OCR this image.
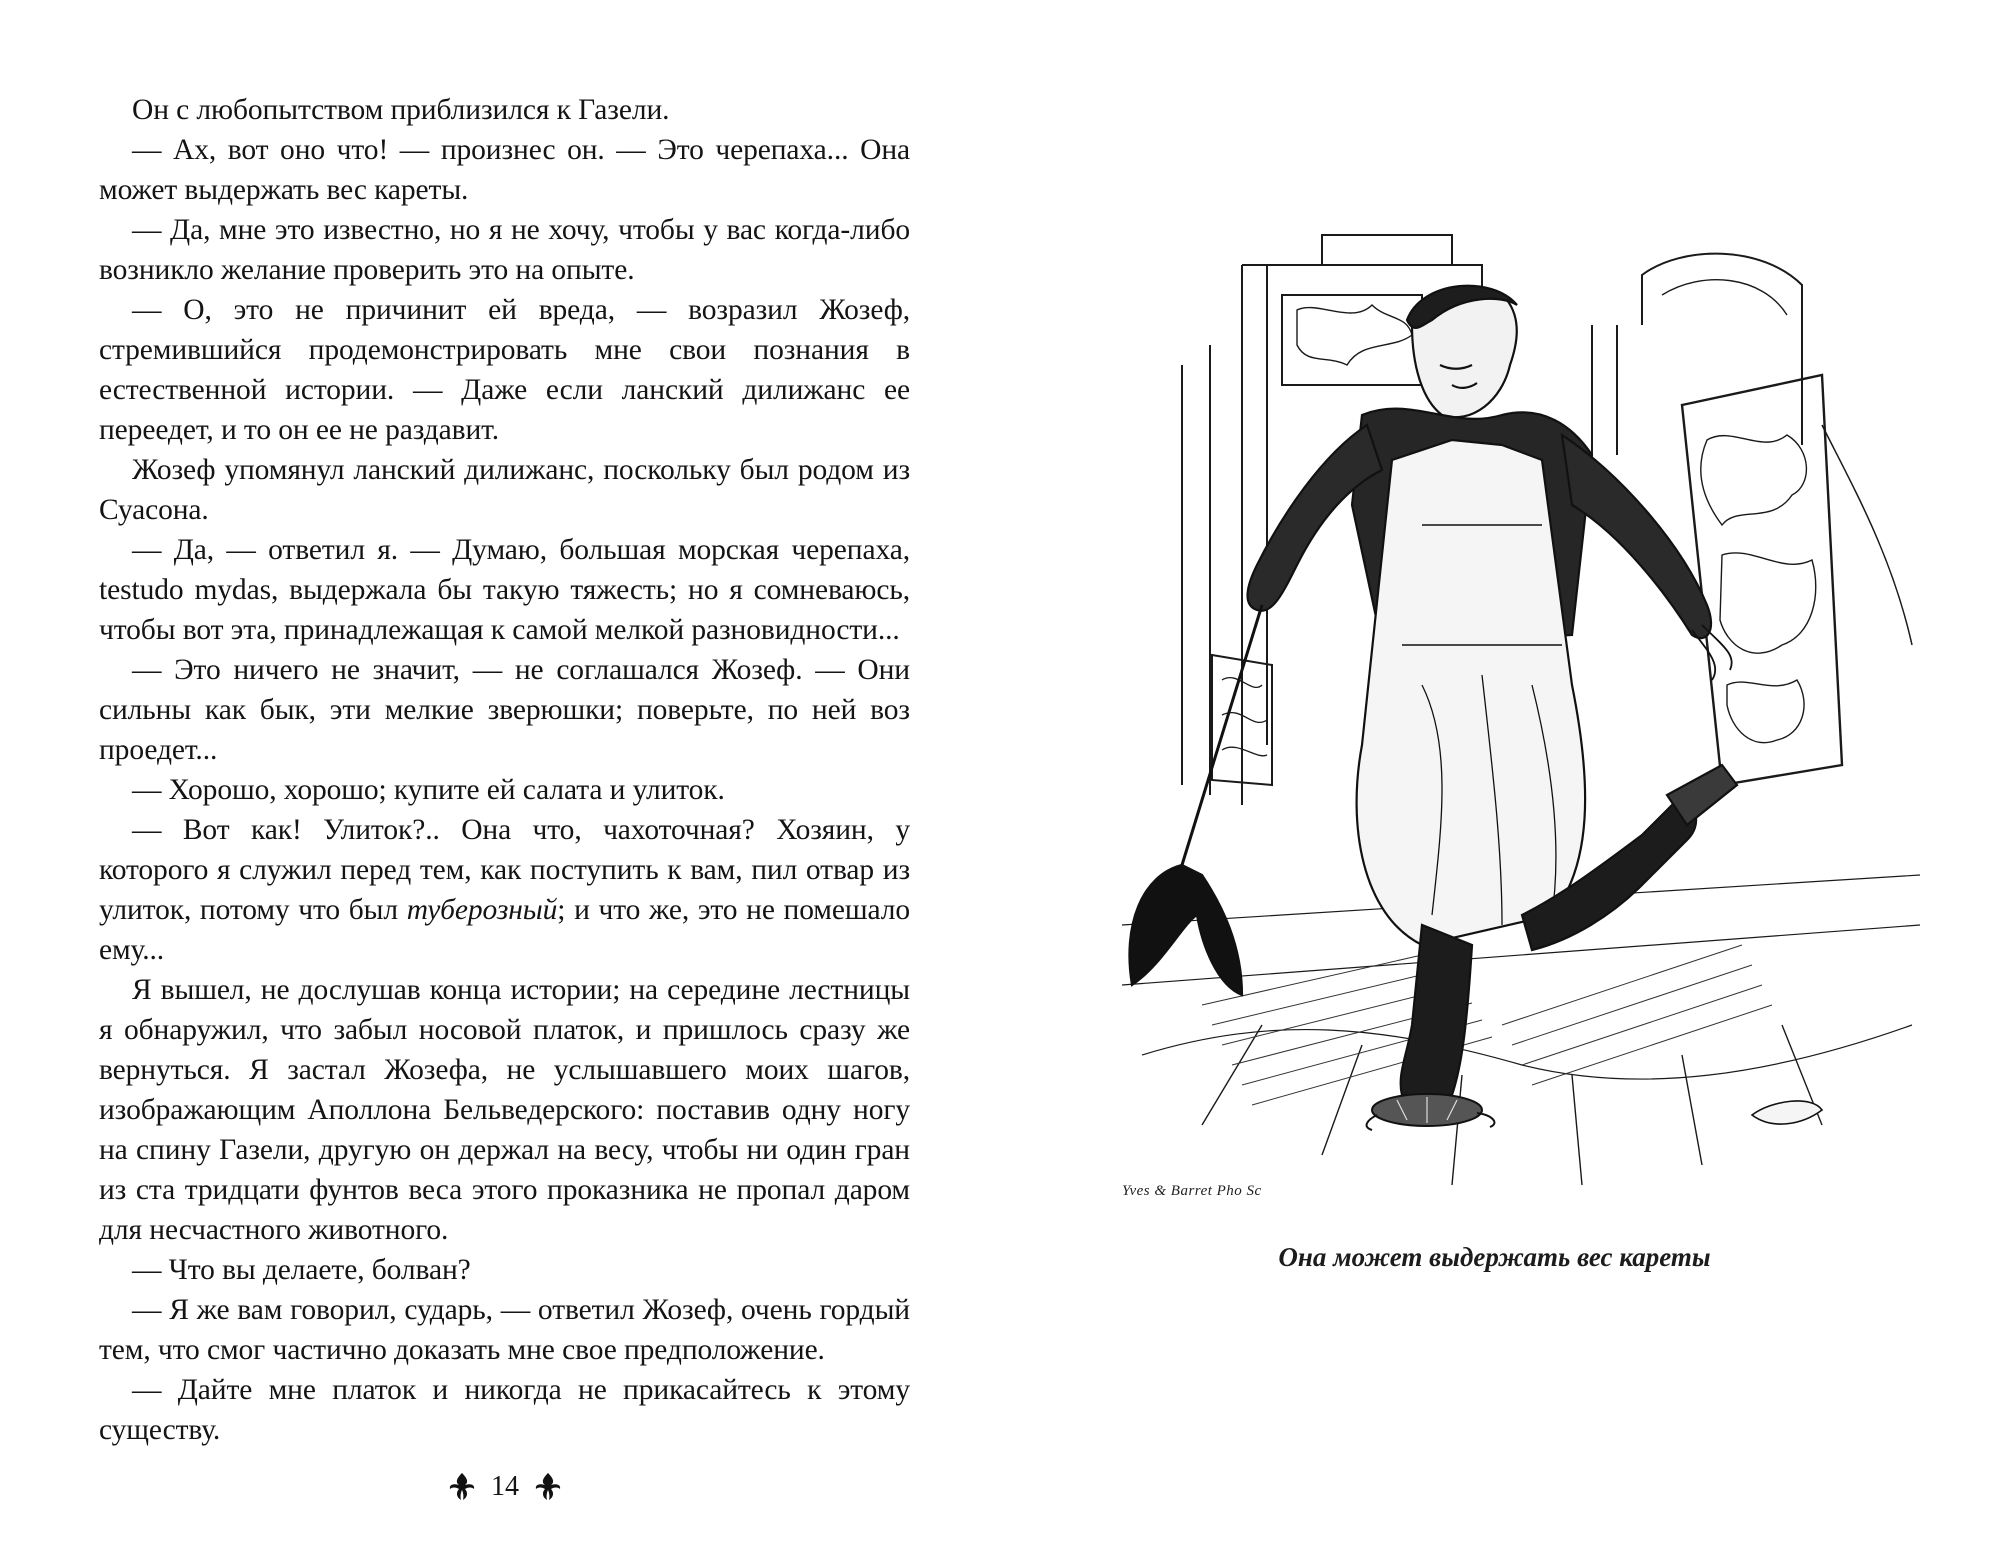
Он с любопытством приблизился к Газели.

— Ах, вот оно что! — произнес он. — Это черепаха... Она может выдержать вес кареты.

— Да, мне это известно, но я не хочу, чтобы у вас когда-либо возникло желание проверить это на опыте.

— О, это не причинит ей вреда, — возразил Жозеф, стремившийся продемонстрировать мне свои познания в естественной истории. — Даже если ланский дилижанс ее переедет, и то он ее не раздавит.

Жозеф упомянул ланский дилижанс, поскольку был родом из Суасона.

— Да, — ответил я. — Думаю, большая морская черепаха, testudo mydas, выдержала бы такую тяжесть; но я сомневаюсь, чтобы вот эта, принадлежащая к самой мелкой разновидности...

— Это ничего не значит, — не соглашался Жозеф. — Они сильны как бык, эти мелкие зверюшки; поверьте, по ней воз проедет...

— Хорошо, хорошо; купите ей салата и улиток.

— Вот как! Улиток?.. Она что, чахоточная? Хозяин, у которого я служил перед тем, как поступить к вам, пил отвар из улиток, потому что был туберозный; и что же, это не помешало ему...

Я вышел, не дослушав конца истории; на середине лестницы я обнаружил, что забыл носовой платок, и пришлось сразу же вернуться. Я застал Жозефа, не услышавшего моих шагов, изображающим Аполлона Бельведерского: поставив одну ногу на спину Газели, другую он держал на весу, чтобы ни один гран из ста тридцати фунтов веса этого проказника не пропал даром для несчастного животного.

— Что вы делаете, болван?

— Я же вам говорил, сударь, — ответил Жозеф, очень гордый тем, что смог частично доказать мне свое предположение.

— Дайте мне платок и никогда не прикасайтесь к этому существу.

14
Yves & Barret Pho Sc
Она может выдержать вес кареты
